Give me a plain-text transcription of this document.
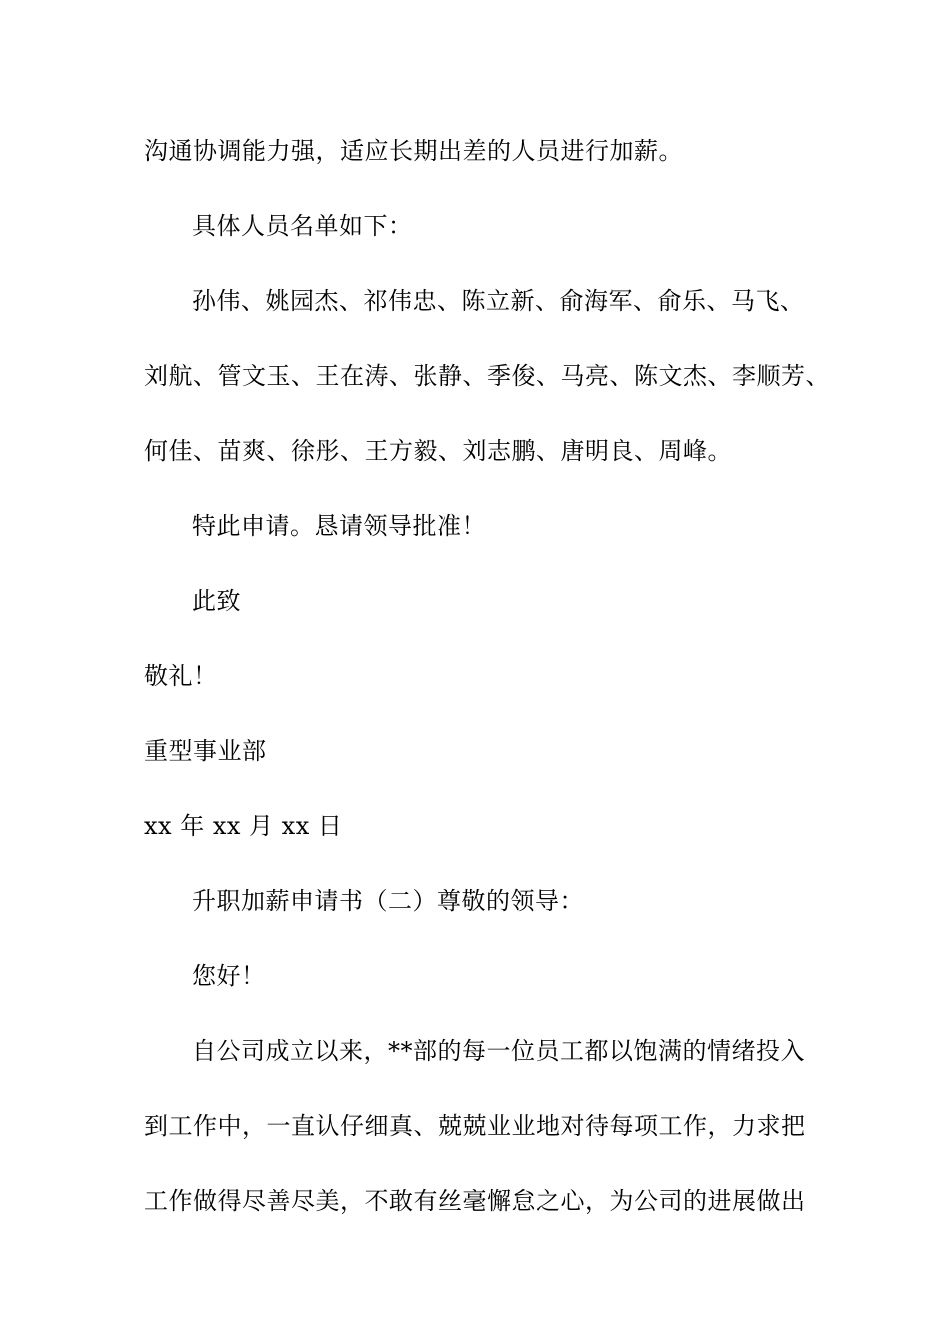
沟通协调能力强，适应长期出差的人员进行加薪。
具体人员名单如下：
孙伟、姚园杰、祁伟忠、陈立新、俞海军、俞乐、马飞、
刘航、管文玉、王在涛、张静、季俊、马亮、陈文杰、李顺芳、
何佳、苗爽、徐彤、王方毅、刘志鹏、唐明良、周峰。
特此申请。恳请领导批准！
此致
敬礼！
重型事业部
xx 年 xx 月 xx 日
升职加薪申请书（二）尊敬的领导：
您好！
自公司成立以来，**部的每一位员工都以饱满的情绪投入
到工作中，一直认仔细真、兢兢业业地对待每项工作，力求把
工作做得尽善尽美，不敢有丝毫懈怠之心，为公司的进展做出
